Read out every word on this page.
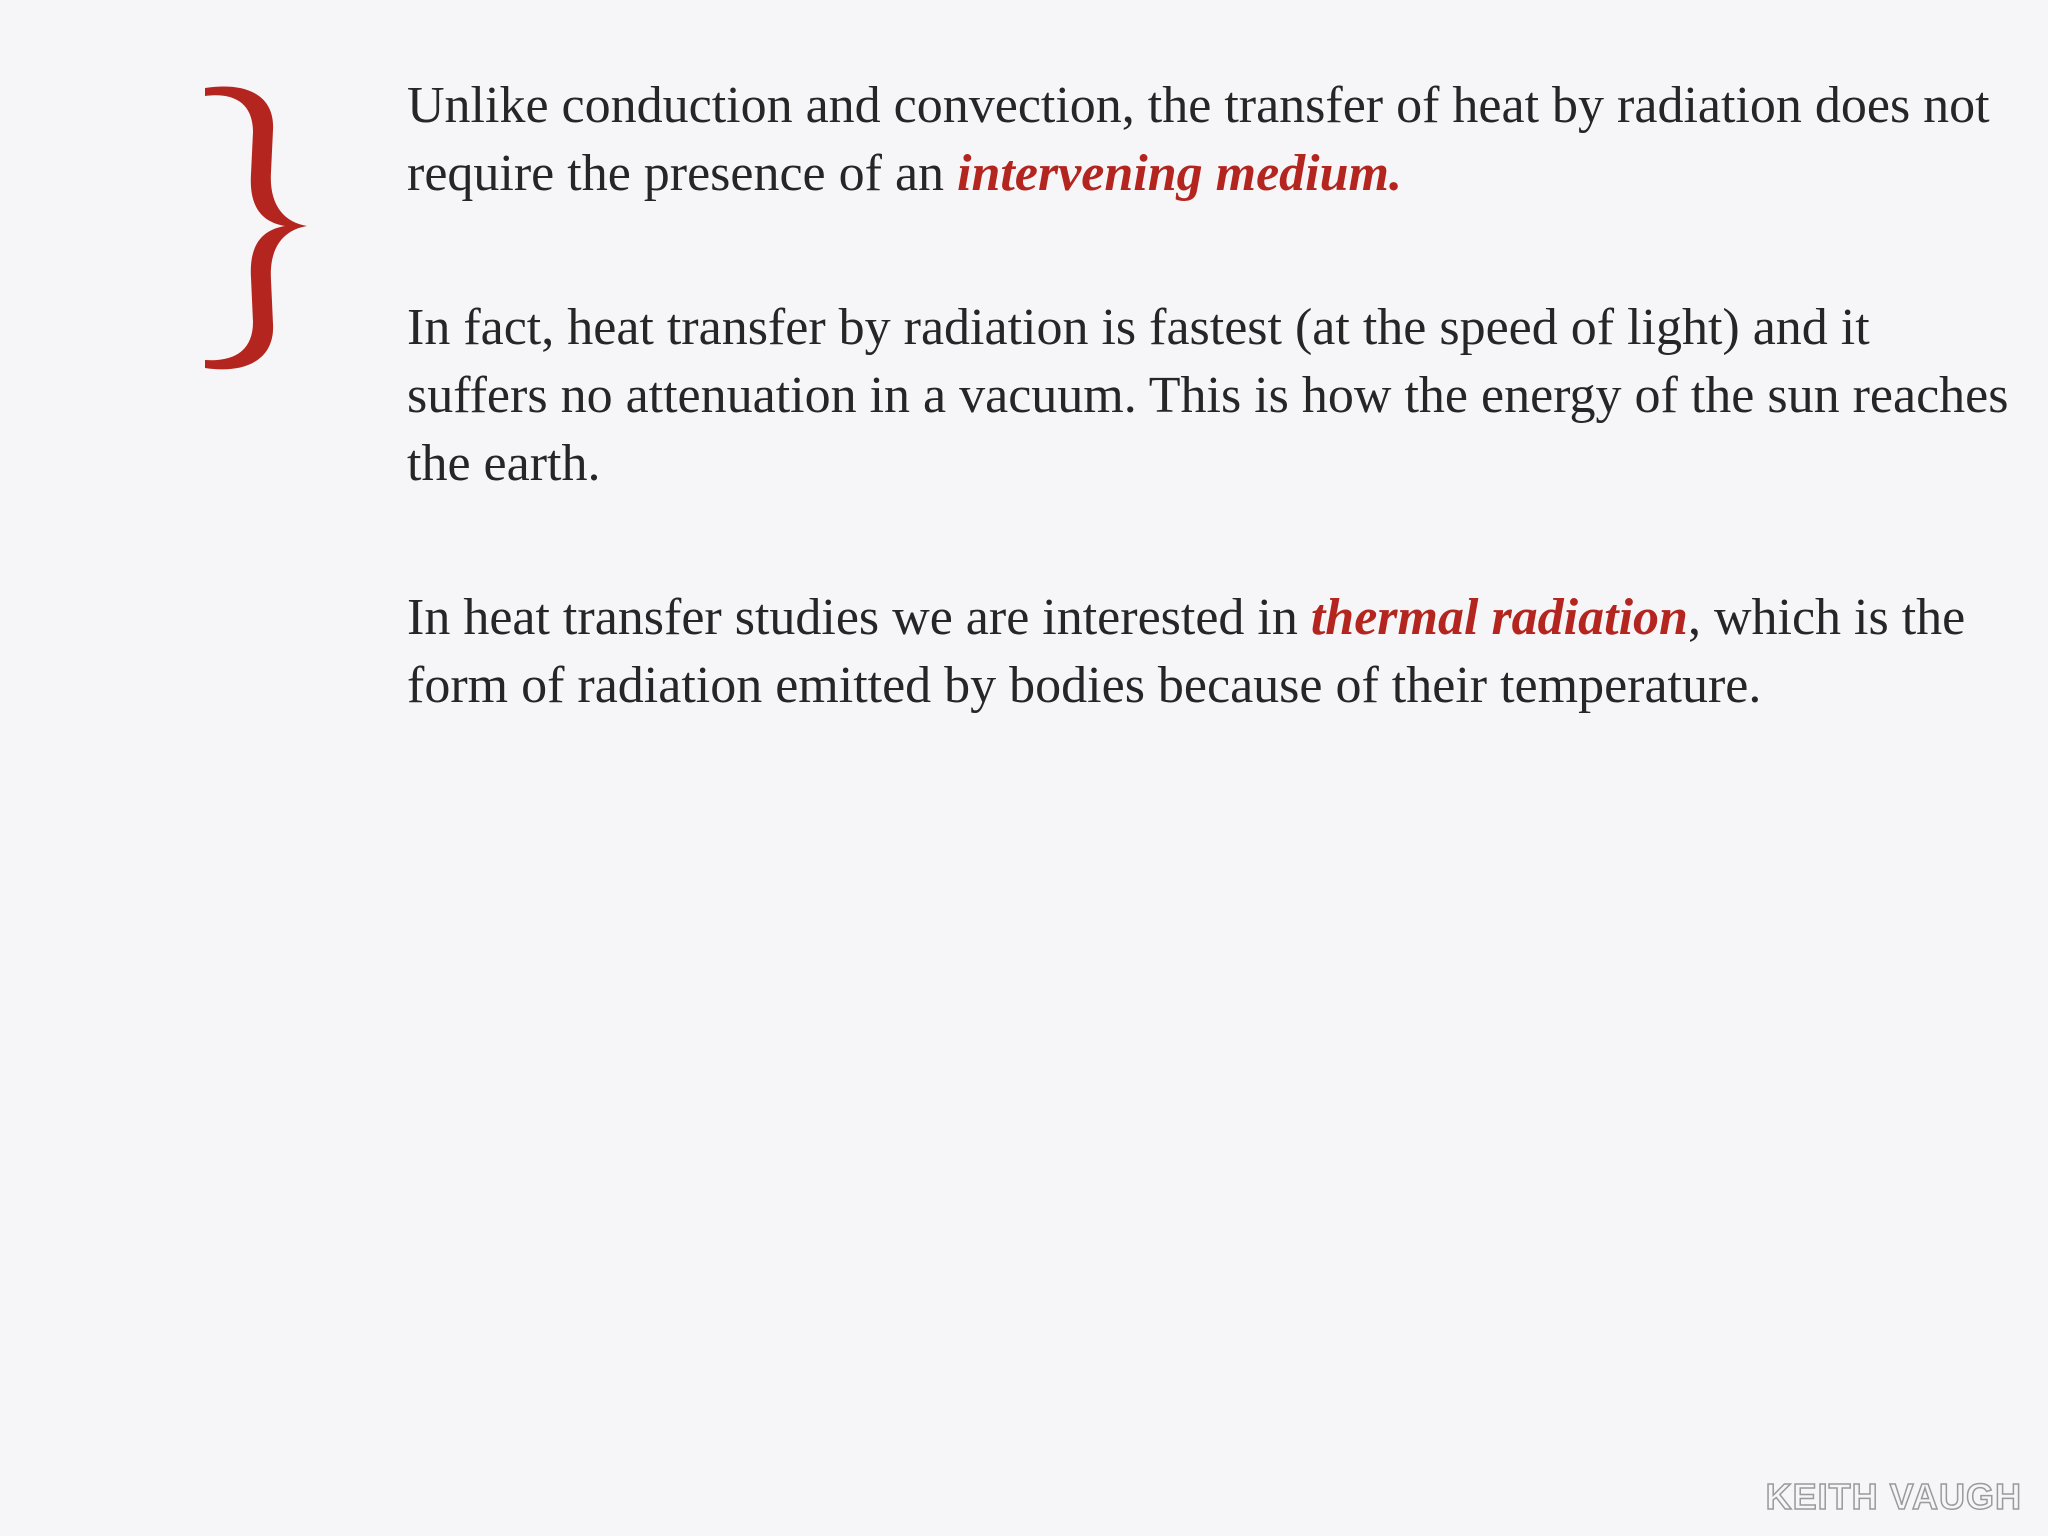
Unlike conduction and convection, the transfer of heat by radiation does not require the presence of an intervening medium.

In fact, heat transfer by radiation is fastest (at the speed of light) and it suffers no attenuation in a vacuum. This is how the energy of the sun reaches the earth.

In heat transfer studies we are interested in thermal radiation, which is the form of radiation emitted by bodies because of their temperature.

KEITH VAUGH
